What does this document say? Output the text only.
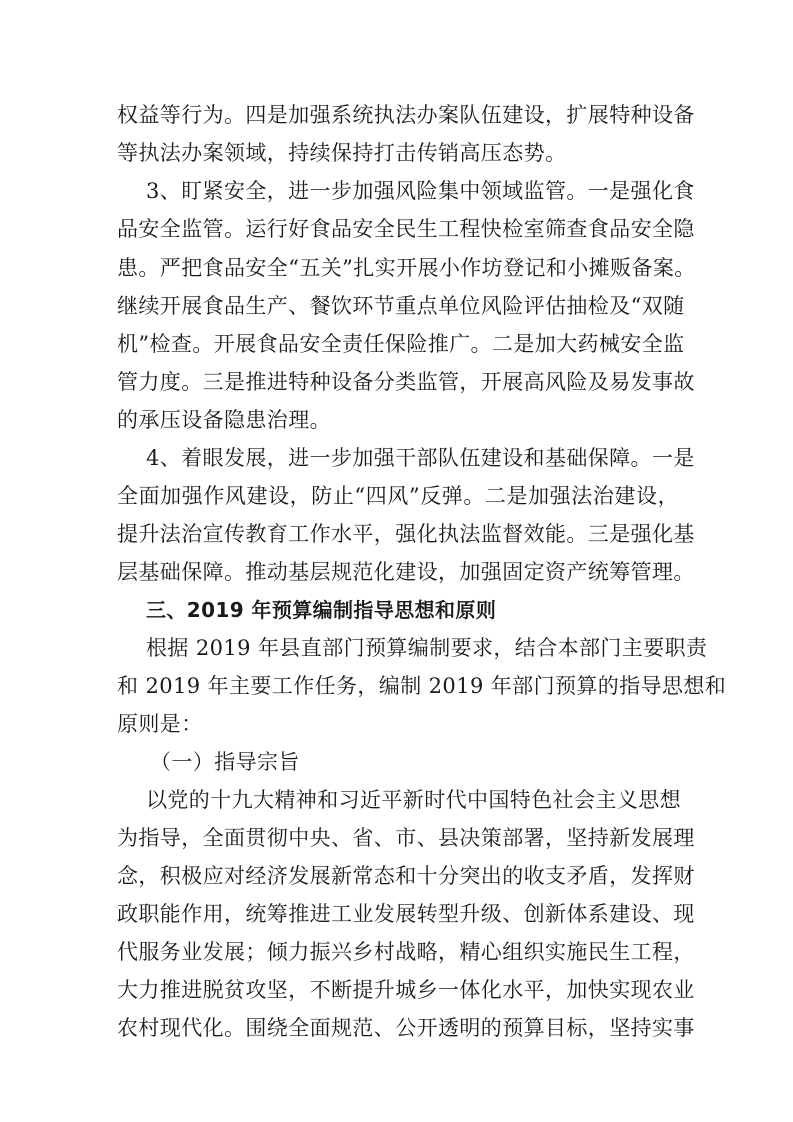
权益等行为。四是加强系统执法办案队伍建设，扩展特种设备
等执法办案领域，持续保持打击传销高压态势。
3、盯紧安全，进一步加强风险集中领域监管。一是强化食
品安全监管。运行好食品安全民生工程快检室筛查食品安全隐
患。严把食品安全“五关”扎实开展小作坊登记和小摊贩备案。
继续开展食品生产、餐饮环节重点单位风险评估抽检及“双随
机”检查。开展食品安全责任保险推广。二是加大药械安全监
管力度。三是推进特种设备分类监管，开展高风险及易发事故
的承压设备隐患治理。
4、着眼发展，进一步加强干部队伍建设和基础保障。一是
全面加强作风建设，防止“四风”反弹。二是加强法治建设，
提升法治宣传教育工作水平，强化执法监督效能。三是强化基
层基础保障。推动基层规范化建设，加强固定资产统筹管理。
三、2019 年预算编制指导思想和原则
根据 2019 年县直部门预算编制要求，结合本部门主要职责
和 2019 年主要工作任务，编制 2019 年部门预算的指导思想和
原则是：
（一）指导宗旨
以党的十九大精神和习近平新时代中国特色社会主义思想
为指导，全面贯彻中央、省、市、县决策部署，坚持新发展理
念，积极应对经济发展新常态和十分突出的收支矛盾，发挥财
政职能作用，统筹推进工业发展转型升级、创新体系建设、现
代服务业发展；倾力振兴乡村战略，精心组织实施民生工程，
大力推进脱贫攻坚，不断提升城乡一体化水平，加快实现农业
农村现代化。围绕全面规范、公开透明的预算目标，坚持实事
